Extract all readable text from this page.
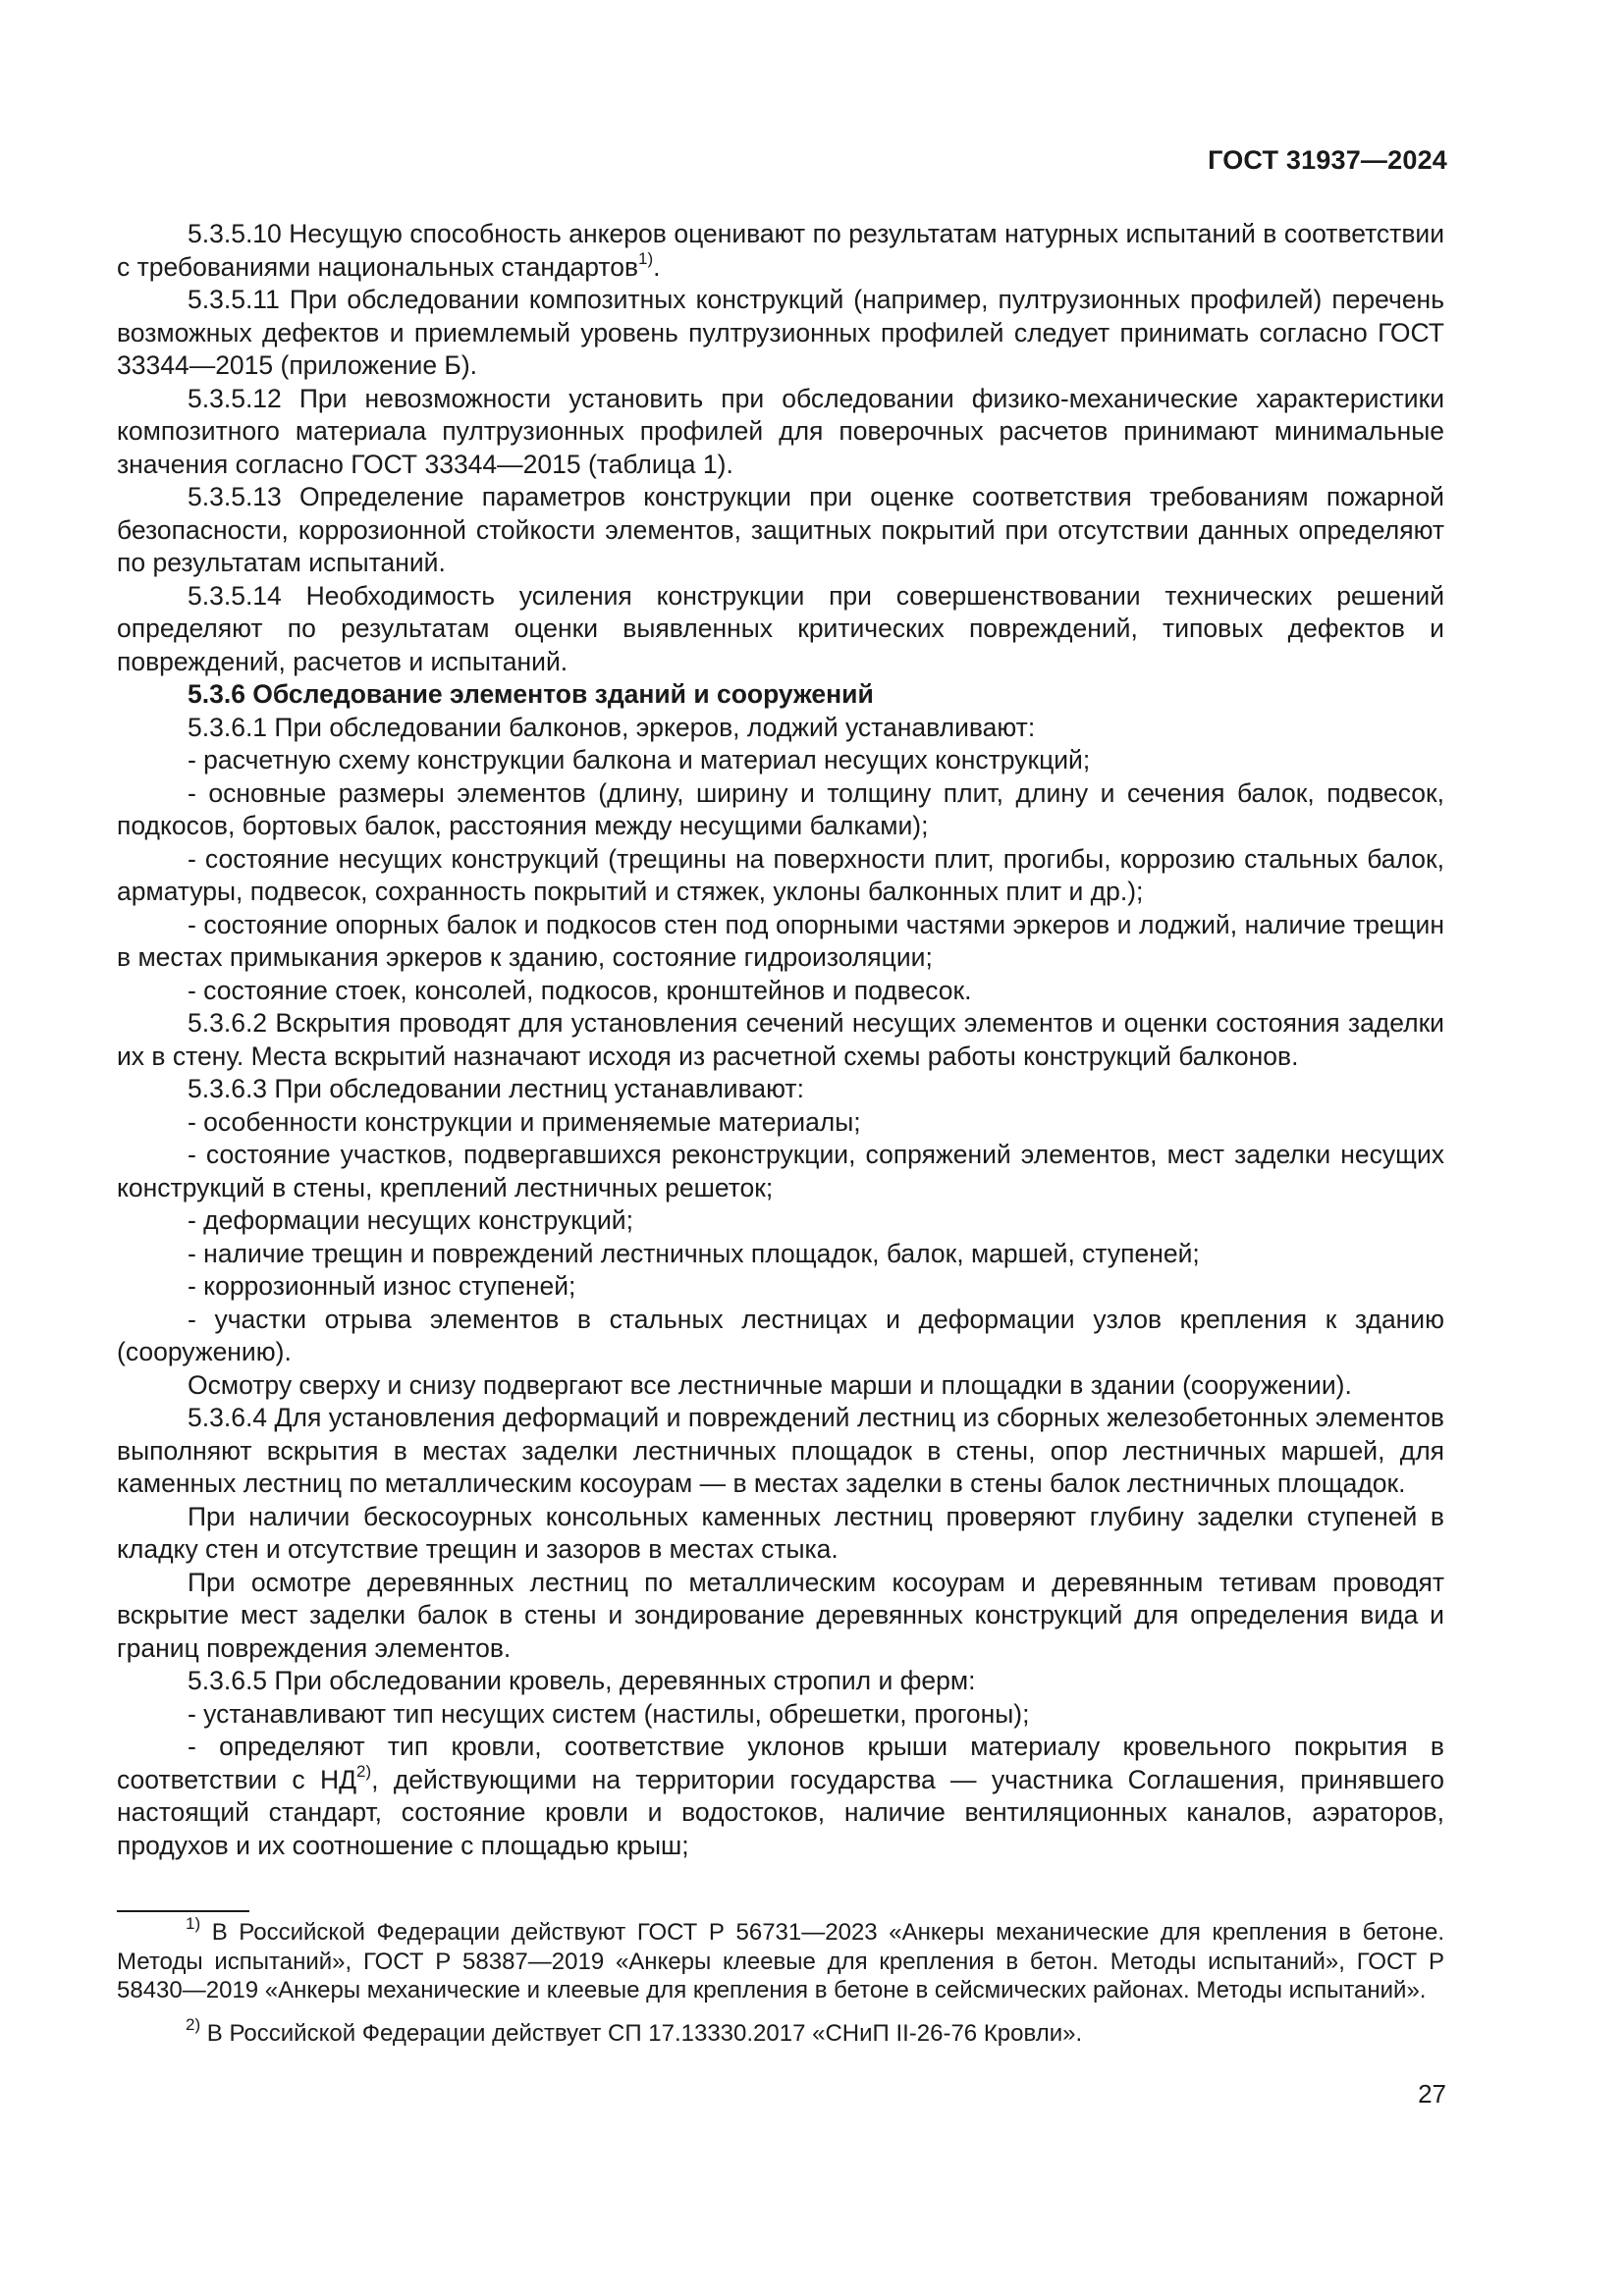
ГОСТ 31937—2024

5.3.5.10 Несущую способность анкеров оценивают по результатам натурных испытаний в соответствии с требованиями национальных стандартов$^{1)}$.

5.3.5.11 При обследовании композитных конструкций (например, пултрузионных профилей) перечень возможных дефектов и приемлемый уровень пултрузионных профилей следует принимать согласно ГОСТ 33344—2015 (приложение Б).

5.3.5.12 При невозможности установить при обследовании физико-механические характеристики композитного материала пултрузионных профилей для поверочных расчетов принимают минимальные значения согласно ГОСТ 33344—2015 (таблица 1).

5.3.5.13 Определение параметров конструкции при оценке соответствия требованиям пожарной безопасности, коррозионной стойкости элементов, защитных покрытий при отсутствии данных определяют по результатам испытаний.

5.3.5.14 Необходимость усиления конструкции при совершенствовании технических решений определяют по результатам оценки выявленных критических повреждений, типовых дефектов и повреждений, расчетов и испытаний.

5.3.6 Обследование элементов зданий и сооружений

5.3.6.1 При обследовании балконов, эркеров, лоджий устанавливают:

- расчетную схему конструкции балкона и материал несущих конструкций;

- основные размеры элементов (длину, ширину и толщину плит, длину и сечения балок, подвесок, подкосов, бортовых балок, расстояния между несущими балками);

- состояние несущих конструкций (трещины на поверхности плит, прогибы, коррозию стальных балок, арматуры, подвесок, сохранность покрытий и стяжек, уклоны балконных плит и др.);

- состояние опорных балок и подкосов стен под опорными частями эркеров и лоджий, наличие трещин в местах примыкания эркеров к зданию, состояние гидроизоляции;

- состояние стоек, консолей, подкосов, кронштейнов и подвесок.

5.3.6.2 Вскрытия проводят для установления сечений несущих элементов и оценки состояния заделки их в стену. Места вскрытий назначают исходя из расчетной схемы работы конструкций балконов.

5.3.6.3 При обследовании лестниц устанавливают:

- особенности конструкции и применяемые материалы;

- состояние участков, подвергавшихся реконструкции, сопряжений элементов, мест заделки несущих конструкций в стены, креплений лестничных решеток;

- деформации несущих конструкций;

- наличие трещин и повреждений лестничных площадок, балок, маршей, ступеней;

- коррозионный износ ступеней;

- участки отрыва элементов в стальных лестницах и деформации узлов крепления к зданию (сооружению).

Осмотру сверху и снизу подвергают все лестничные марши и площадки в здании (сооружении).

5.3.6.4 Для установления деформаций и повреждений лестниц из сборных железобетонных элементов выполняют вскрытия в местах заделки лестничных площадок в стены, опор лестничных маршей, для каменных лестниц по металлическим косоурам — в местах заделки в стены балок лестничных площадок.

При наличии бескосоурных консольных каменных лестниц проверяют глубину заделки ступеней в кладку стен и отсутствие трещин и зазоров в местах стыка.

При осмотре деревянных лестниц по металлическим косоурам и деревянным тетивам проводят вскрытие мест заделки балок в стены и зондирование деревянных конструкций для определения вида и границ повреждения элементов.

5.3.6.5 При обследовании кровель, деревянных стропил и ферм:

- устанавливают тип несущих систем (настилы, обрешетки, прогоны);

- определяют тип кровли, соответствие уклонов крыши материалу кровельного покрытия в соответствии с НД$^{2)}$, действующими на территории государства — участника Соглашения, принявшего настоящий стандарт, состояние кровли и водостоков, наличие вентиляционных каналов, аэраторов, продухов и их соотношение с площадью крыш;

$^{1)}$ В Российской Федерации действуют ГОСТ Р 56731—2023 «Анкеры механические для крепления в бетоне. Методы испытаний», ГОСТ Р 58387—2019 «Анкеры клеевые для крепления в бетон. Методы испытаний», ГОСТ Р 58430—2019 «Анкеры механические и клеевые для крепления в бетоне в сейсмических районах. Методы испытаний».

$^{2)}$ В Российской Федерации действует СП 17.13330.2017 «СНиП II-26-76 Кровли».

27
